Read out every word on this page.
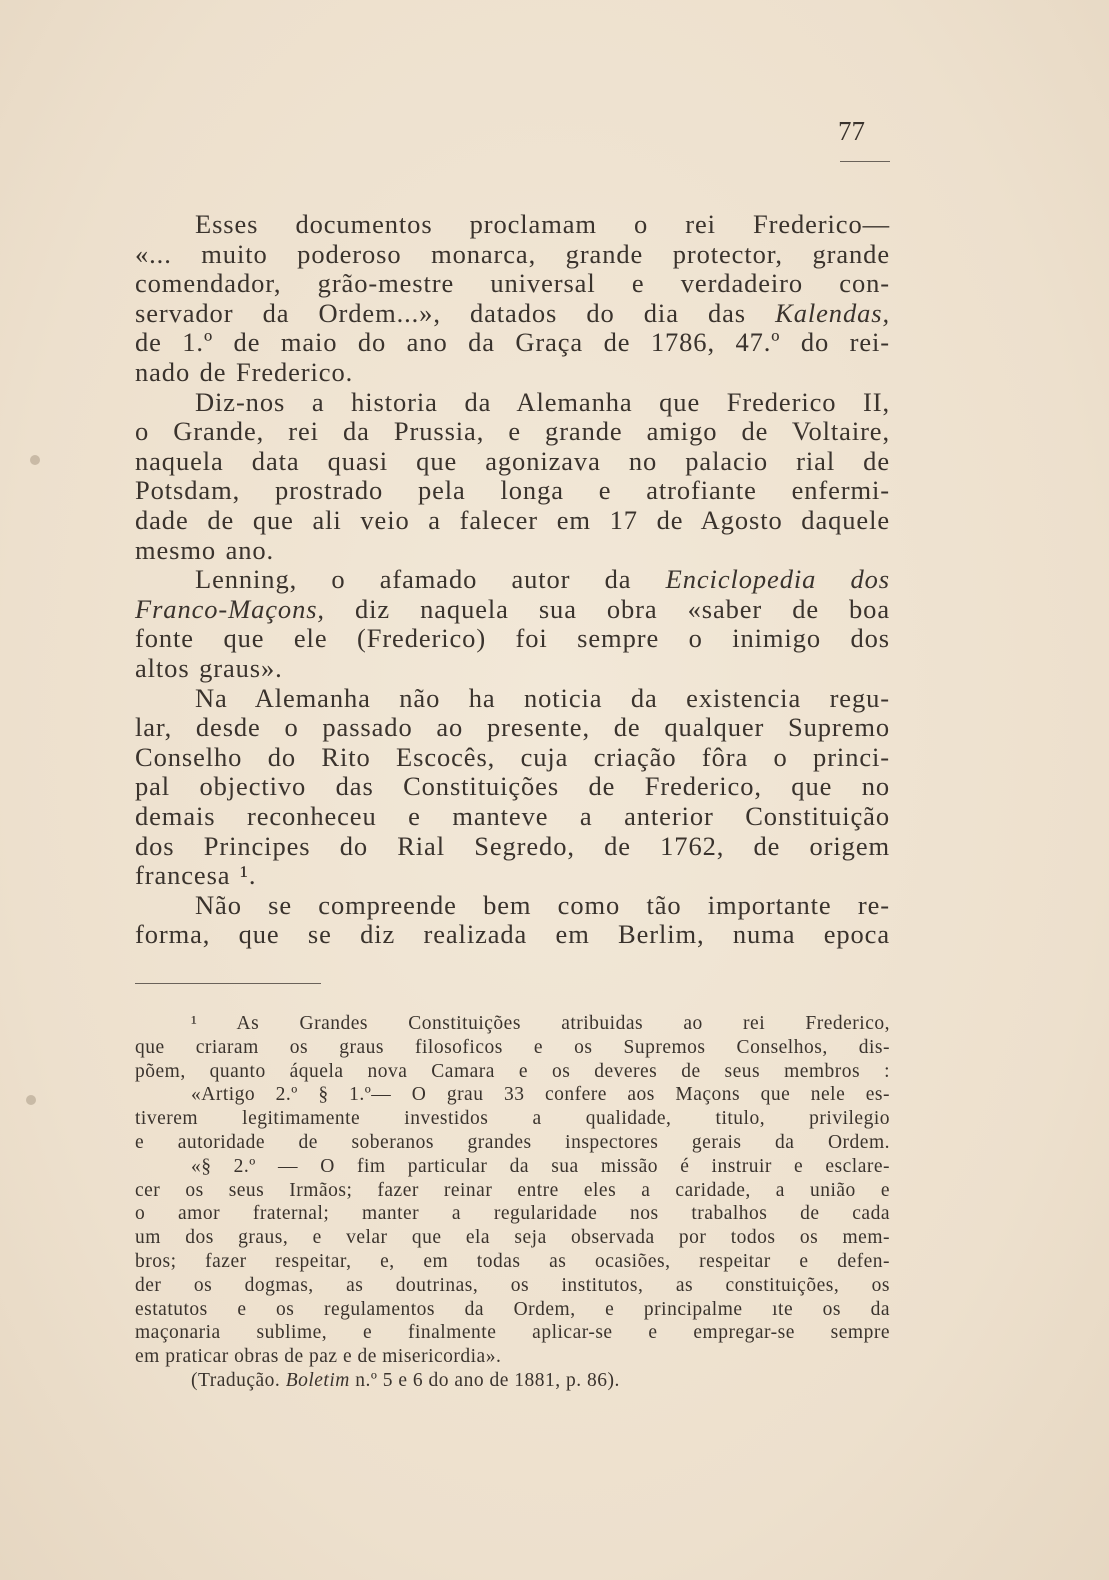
77
Esses documentos proclamam o rei Frederico—
«... muito poderoso monarca, grande protector, grande
comendador, grão-mestre universal e verdadeiro con-
servador da Ordem...», datados do dia das Kalendas,
de 1.º de maio do ano da Graça de 1786, 47.º do rei-
nado de Frederico.
Diz-nos a historia da Alemanha que Frederico II,
o Grande, rei da Prussia, e grande amigo de Voltaire,
naquela data quasi que agonizava no palacio rial de
Potsdam, prostrado pela longa e atrofiante enfermi-
dade de que ali veio a falecer em 17 de Agosto daquele
mesmo ano.
Lenning, o afamado autor da Enciclopedia dos
Franco-Maçons, diz naquela sua obra «saber de boa
fonte que ele (Frederico) foi sempre o inimigo dos
altos graus».
Na Alemanha não ha noticia da existencia regu-
lar, desde o passado ao presente, de qualquer Supremo
Conselho do Rito Escocês, cuja criação fôra o princi-
pal objectivo das Constituições de Frederico, que no
demais reconheceu e manteve a anterior Constituição
dos Principes do Rial Segredo, de 1762, de origem
francesa ¹.
Não se compreende bem como tão importante re-
forma, que se diz realizada em Berlim, numa epoca
¹ As Grandes Constituições atribuidas ao rei Frederico,
que criaram os graus filosoficos e os Supremos Conselhos, dis-
põem, quanto áquela nova Camara e os deveres de seus membros :
«Artigo 2.º § 1.º— O grau 33 confere aos Maçons que nele es-
tiverem legitimamente investidos a qualidade, titulo, privilegio
e autoridade de soberanos grandes inspectores gerais da Ordem.
«§ 2.º — O fim particular da sua missão é instruir e esclare-
cer os seus Irmãos; fazer reinar entre eles a caridade, a união e
o amor fraternal; manter a regularidade nos trabalhos de cada
um dos graus, e velar que ela seja observada por todos os mem-
bros; fazer respeitar, e, em todas as ocasiões, respeitar e defen-
der os dogmas, as doutrinas, os institutos, as constituições, os
estatutos e os regulamentos da Ordem, e principalme ıte os da
maçonaria sublime, e finalmente aplicar-se e empregar-se sempre
em praticar obras de paz e de misericordia».
(Tradução. Boletim n.º 5 e 6 do ano de 1881, p. 86).
